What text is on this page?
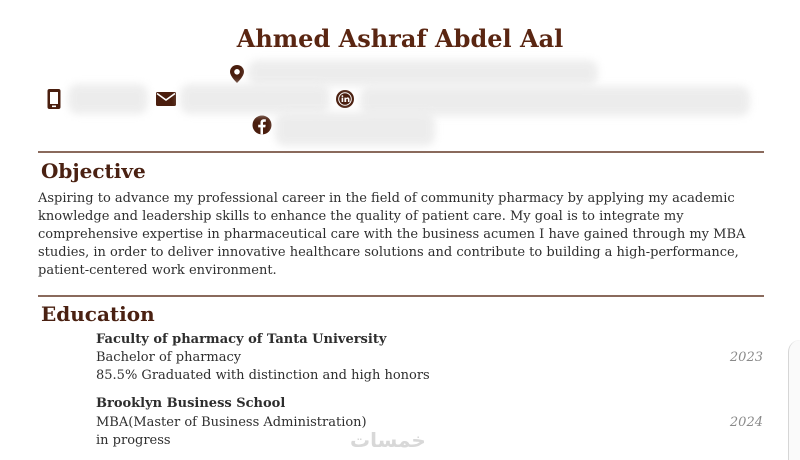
Ahmed Ashraf Abdel Aal
Objective
Aspiring to advance my professional career in the field of community pharmacy by applying my academic knowledge and leadership skills to enhance the quality of patient care. My goal is to integrate my comprehensive expertise in pharmaceutical care with the business acumen I have gained through my MBA studies, in order to deliver innovative healthcare solutions and contribute to building a high-performance, patient-centered work environment.
Education
Faculty of pharmacy of Tanta University
Bachelor of pharmacy	2023
85.5% Graduated with distinction and high honors
Brooklyn Business School
MBA(Master of Business Administration)	2024
in progress	خمسات
